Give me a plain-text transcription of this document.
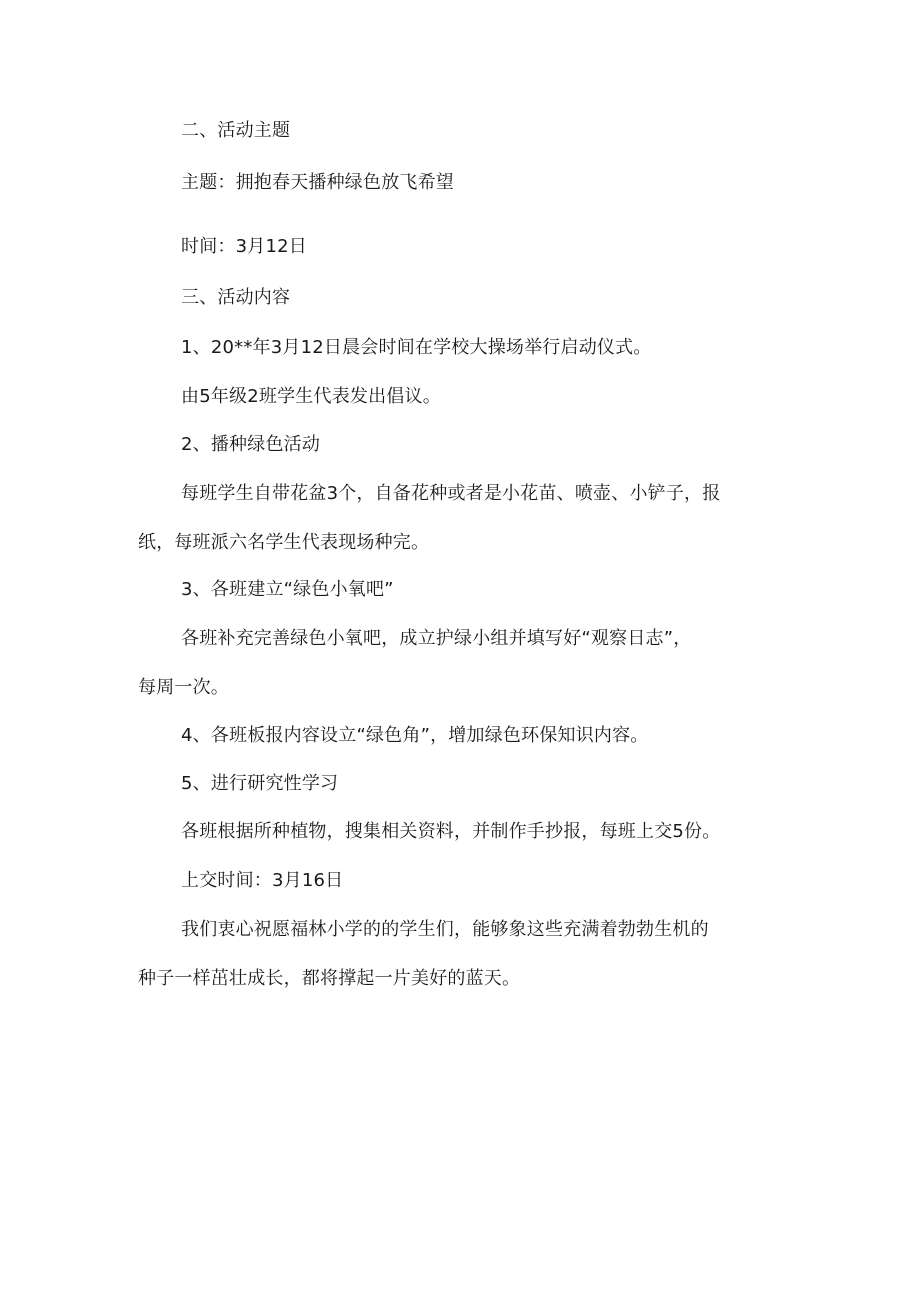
二、活动主题
主题：拥抱春天播种绿色放飞希望
时间：3月12日
三、活动内容
1、20**年3月12日晨会时间在学校大操场举行启动仪式。
由5年级2班学生代表发出倡议。
2、播种绿色活动
每班学生自带花盆3个，自备花种或者是小花苗、喷壶、小铲子，报
纸，每班派六名学生代表现场种完。
3、各班建立“绿色小氧吧”
各班补充完善绿色小氧吧，成立护绿小组并填写好“观察日志”，
每周一次。
4、各班板报内容设立“绿色角”，增加绿色环保知识内容。
5、进行研究性学习
各班根据所种植物，搜集相关资料，并制作手抄报，每班上交5份。
上交时间：3月16日
我们衷心祝愿福林小学的的学生们，能够象这些充满着勃勃生机的
种子一样茁壮成长，都将撑起一片美好的蓝天。
